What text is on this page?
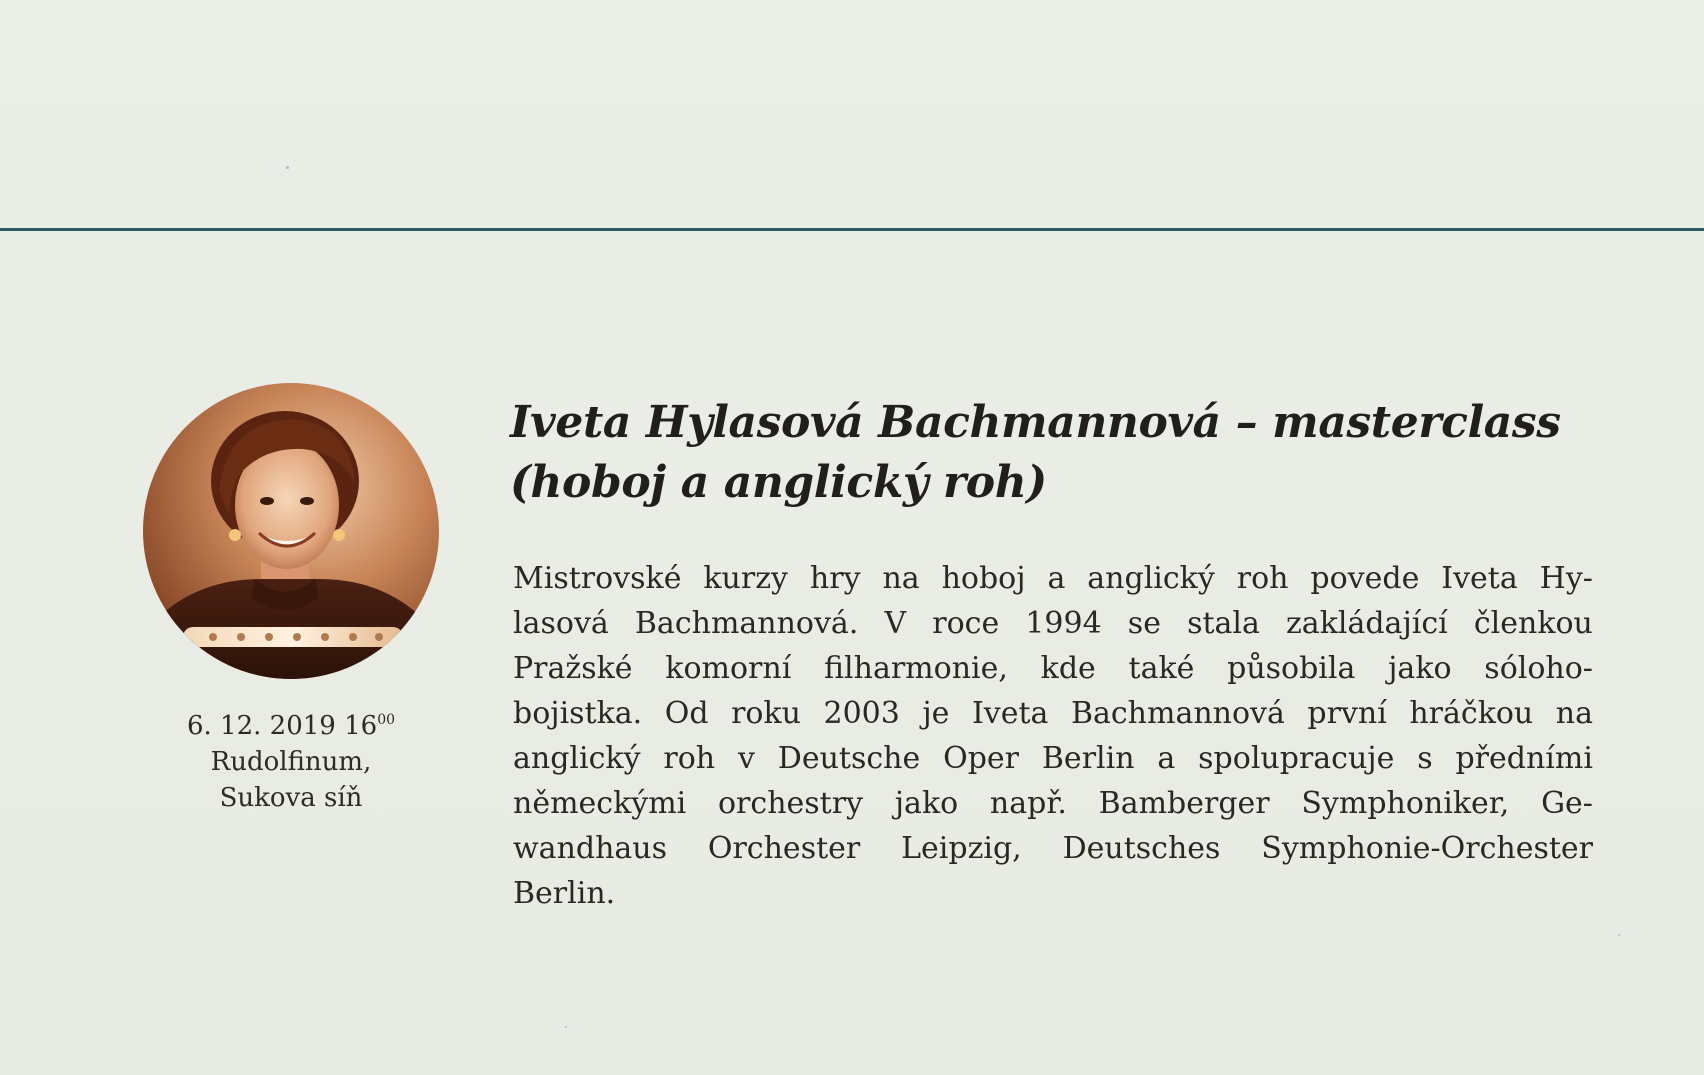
6. 12. 2019 $16^{00}$
Rudolfinum,
Sukova síň
Iveta Hylasová Bachmannová – masterclass
(hoboj a anglický roh)
Mistrovské kurzy hry na hoboj a anglický roh povede Iveta Hy-
lasová Bachmannová. V roce 1994 se stala zakládající členkou
Pražské komorní filharmonie, kde také působila jako sóloho-
bojistka. Od roku 2003 je Iveta Bachmannová první hráčkou na
anglický roh v Deutsche Oper Berlin a spolupracuje s předními
německými orchestry jako např. Bamberger Symphoniker, Ge-
wandhaus Orchester Leipzig, Deutsches Symphonie-Orchester
Berlin.
